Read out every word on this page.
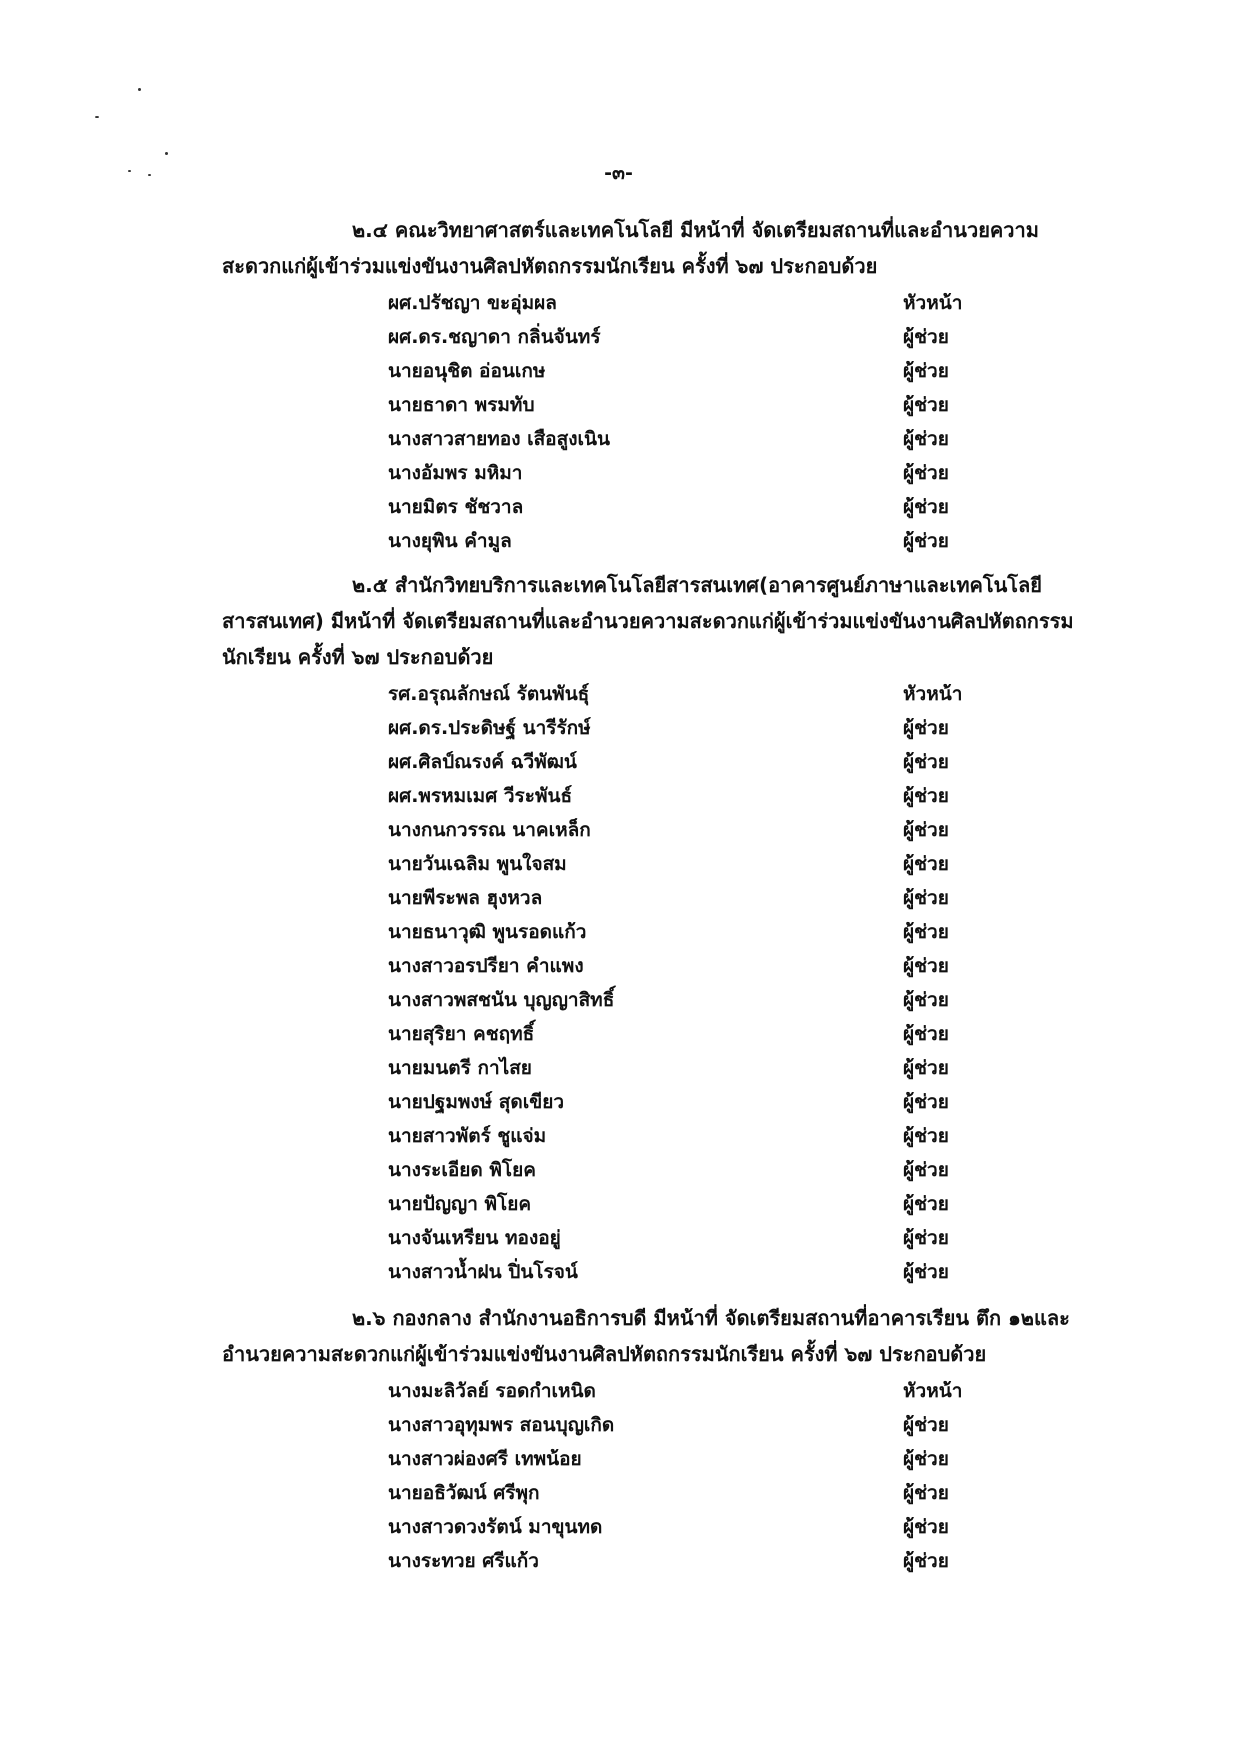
-๓-

๒.๔ คณะวิทยาศาสตร์และเทคโนโลยี มีหน้าที่ จัดเตรียมสถานที่และอำนวยความสะดวกแก่ผู้เข้าร่วมแข่งขันงานศิลปหัตถกรรมนักเรียน ครั้งที่ ๖๗ ประกอบด้วย

ผศ.ปรัชญา ขะอุ่มผล	หัวหน้า
ผศ.ดร.ชญาดา กลิ่นจันทร์	ผู้ช่วย
นายอนุชิต อ่อนเกษ	ผู้ช่วย
นายธาดา พรมทับ	ผู้ช่วย
นางสาวสายทอง เสือสูงเนิน	ผู้ช่วย
นางอัมพร มหิมา	ผู้ช่วย
นายมิตร ชัชวาล	ผู้ช่วย
นางยุพิน คำมูล	ผู้ช่วย

๒.๕ สำนักวิทยบริการและเทคโนโลยีสารสนเทศ(อาคารศูนย์ภาษาและเทคโนโลยีสารสนเทศ) มีหน้าที่ จัดเตรียมสถานที่และอำนวยความสะดวกแก่ผู้เข้าร่วมแข่งขันงานศิลปหัตถกรรมนักเรียน ครั้งที่ ๖๗ ประกอบด้วย

รศ.อรุณลักษณ์ รัตนพันธุ์	หัวหน้า
ผศ.ดร.ประดิษฐ์ นารีรักษ์	ผู้ช่วย
ผศ.ศิลป์ณรงค์ ฉวีพัฒน์	ผู้ช่วย
ผศ.พรหมเมศ วีระพันธ์	ผู้ช่วย
นางกนกวรรณ นาคเหล็ก	ผู้ช่วย
นายวันเฉลิม พูนใจสม	ผู้ช่วย
นายพีระพล ฮุงหวล	ผู้ช่วย
นายธนาวุฒิ พูนรอดแก้ว	ผู้ช่วย
นางสาวอรปรียา คำแพง	ผู้ช่วย
นางสาวพสชนัน บุญญาสิทธิ์	ผู้ช่วย
นายสุริยา คชฤทธิ์	ผู้ช่วย
นายมนตรี กาไสย	ผู้ช่วย
นายปฐมพงษ์ สุดเขียว	ผู้ช่วย
นายสาวพัตร์ ชูแจ่ม	ผู้ช่วย
นางระเอียด พิโยค	ผู้ช่วย
นายปัญญา พิโยค	ผู้ช่วย
นางจันเหรียน ทองอยู่	ผู้ช่วย
นางสาวน้ำฝน ปิ่นโรจน์	ผู้ช่วย

๒.๖ กองกลาง สำนักงานอธิการบดี มีหน้าที่ จัดเตรียมสถานที่อาคารเรียน ตึก ๑๒และอำนวยความสะดวกแก่ผู้เข้าร่วมแข่งขันงานศิลปหัตถกรรมนักเรียน ครั้งที่ ๖๗ ประกอบด้วย

นางมะลิวัลย์ รอดกำเหนิด	หัวหน้า
นางสาวอุทุมพร สอนบุญเกิด	ผู้ช่วย
นางสาวผ่องศรี เทพน้อย	ผู้ช่วย
นายอธิวัฒน์ ศรีพุก	ผู้ช่วย
นางสาวดวงรัตน์ มาขุนทด	ผู้ช่วย
นางระทวย ศรีแก้ว	ผู้ช่วย
